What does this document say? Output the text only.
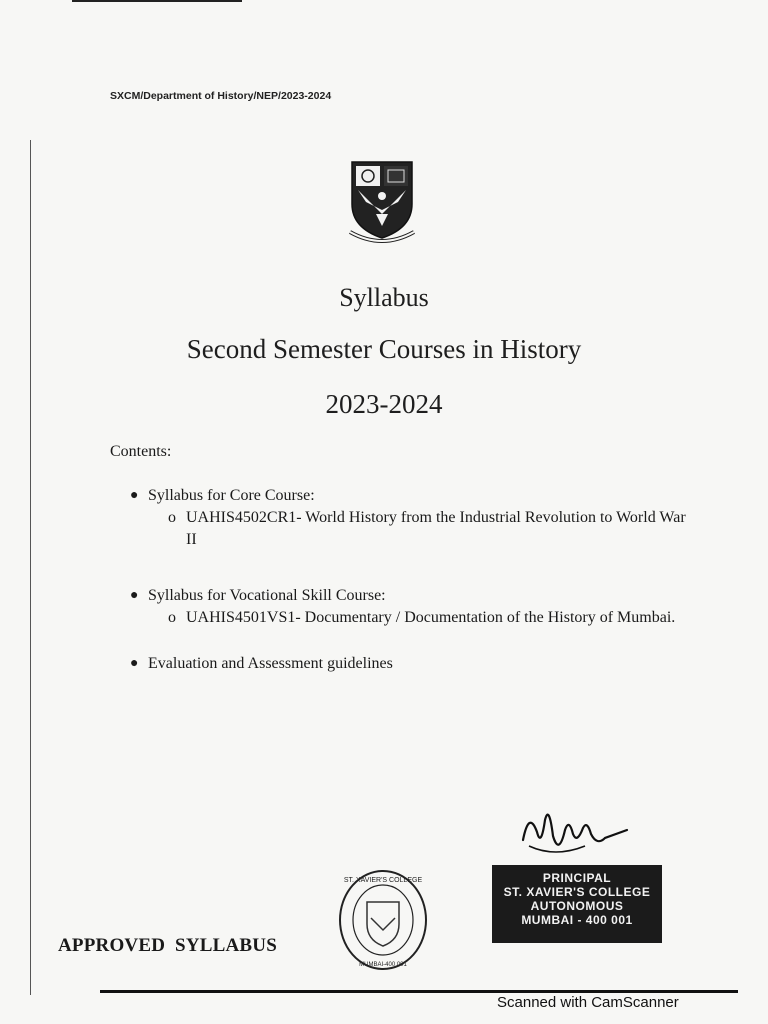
SXCM/Department of History/NEP/2023-2024
Syllabus
Second Semester Courses in History
2023-2024
Contents:
● Syllabus for Core Course:
o UAHIS4502CR1- World History from the Industrial Revolution to World War II
● Syllabus for Vocational Skill Course:
o UAHIS4501VS1- Documentary / Documentation of the History of Mumbai.
● Evaluation and Assessment guidelines
APPROVED  SYLLABUS
ST. XAVIER'S COLLEGE
MUMBAI-400 001
PRINCIPAL
ST. XAVIER'S COLLEGE
AUTONOMOUS
MUMBAI - 400 001
Scanned with CamScanner
